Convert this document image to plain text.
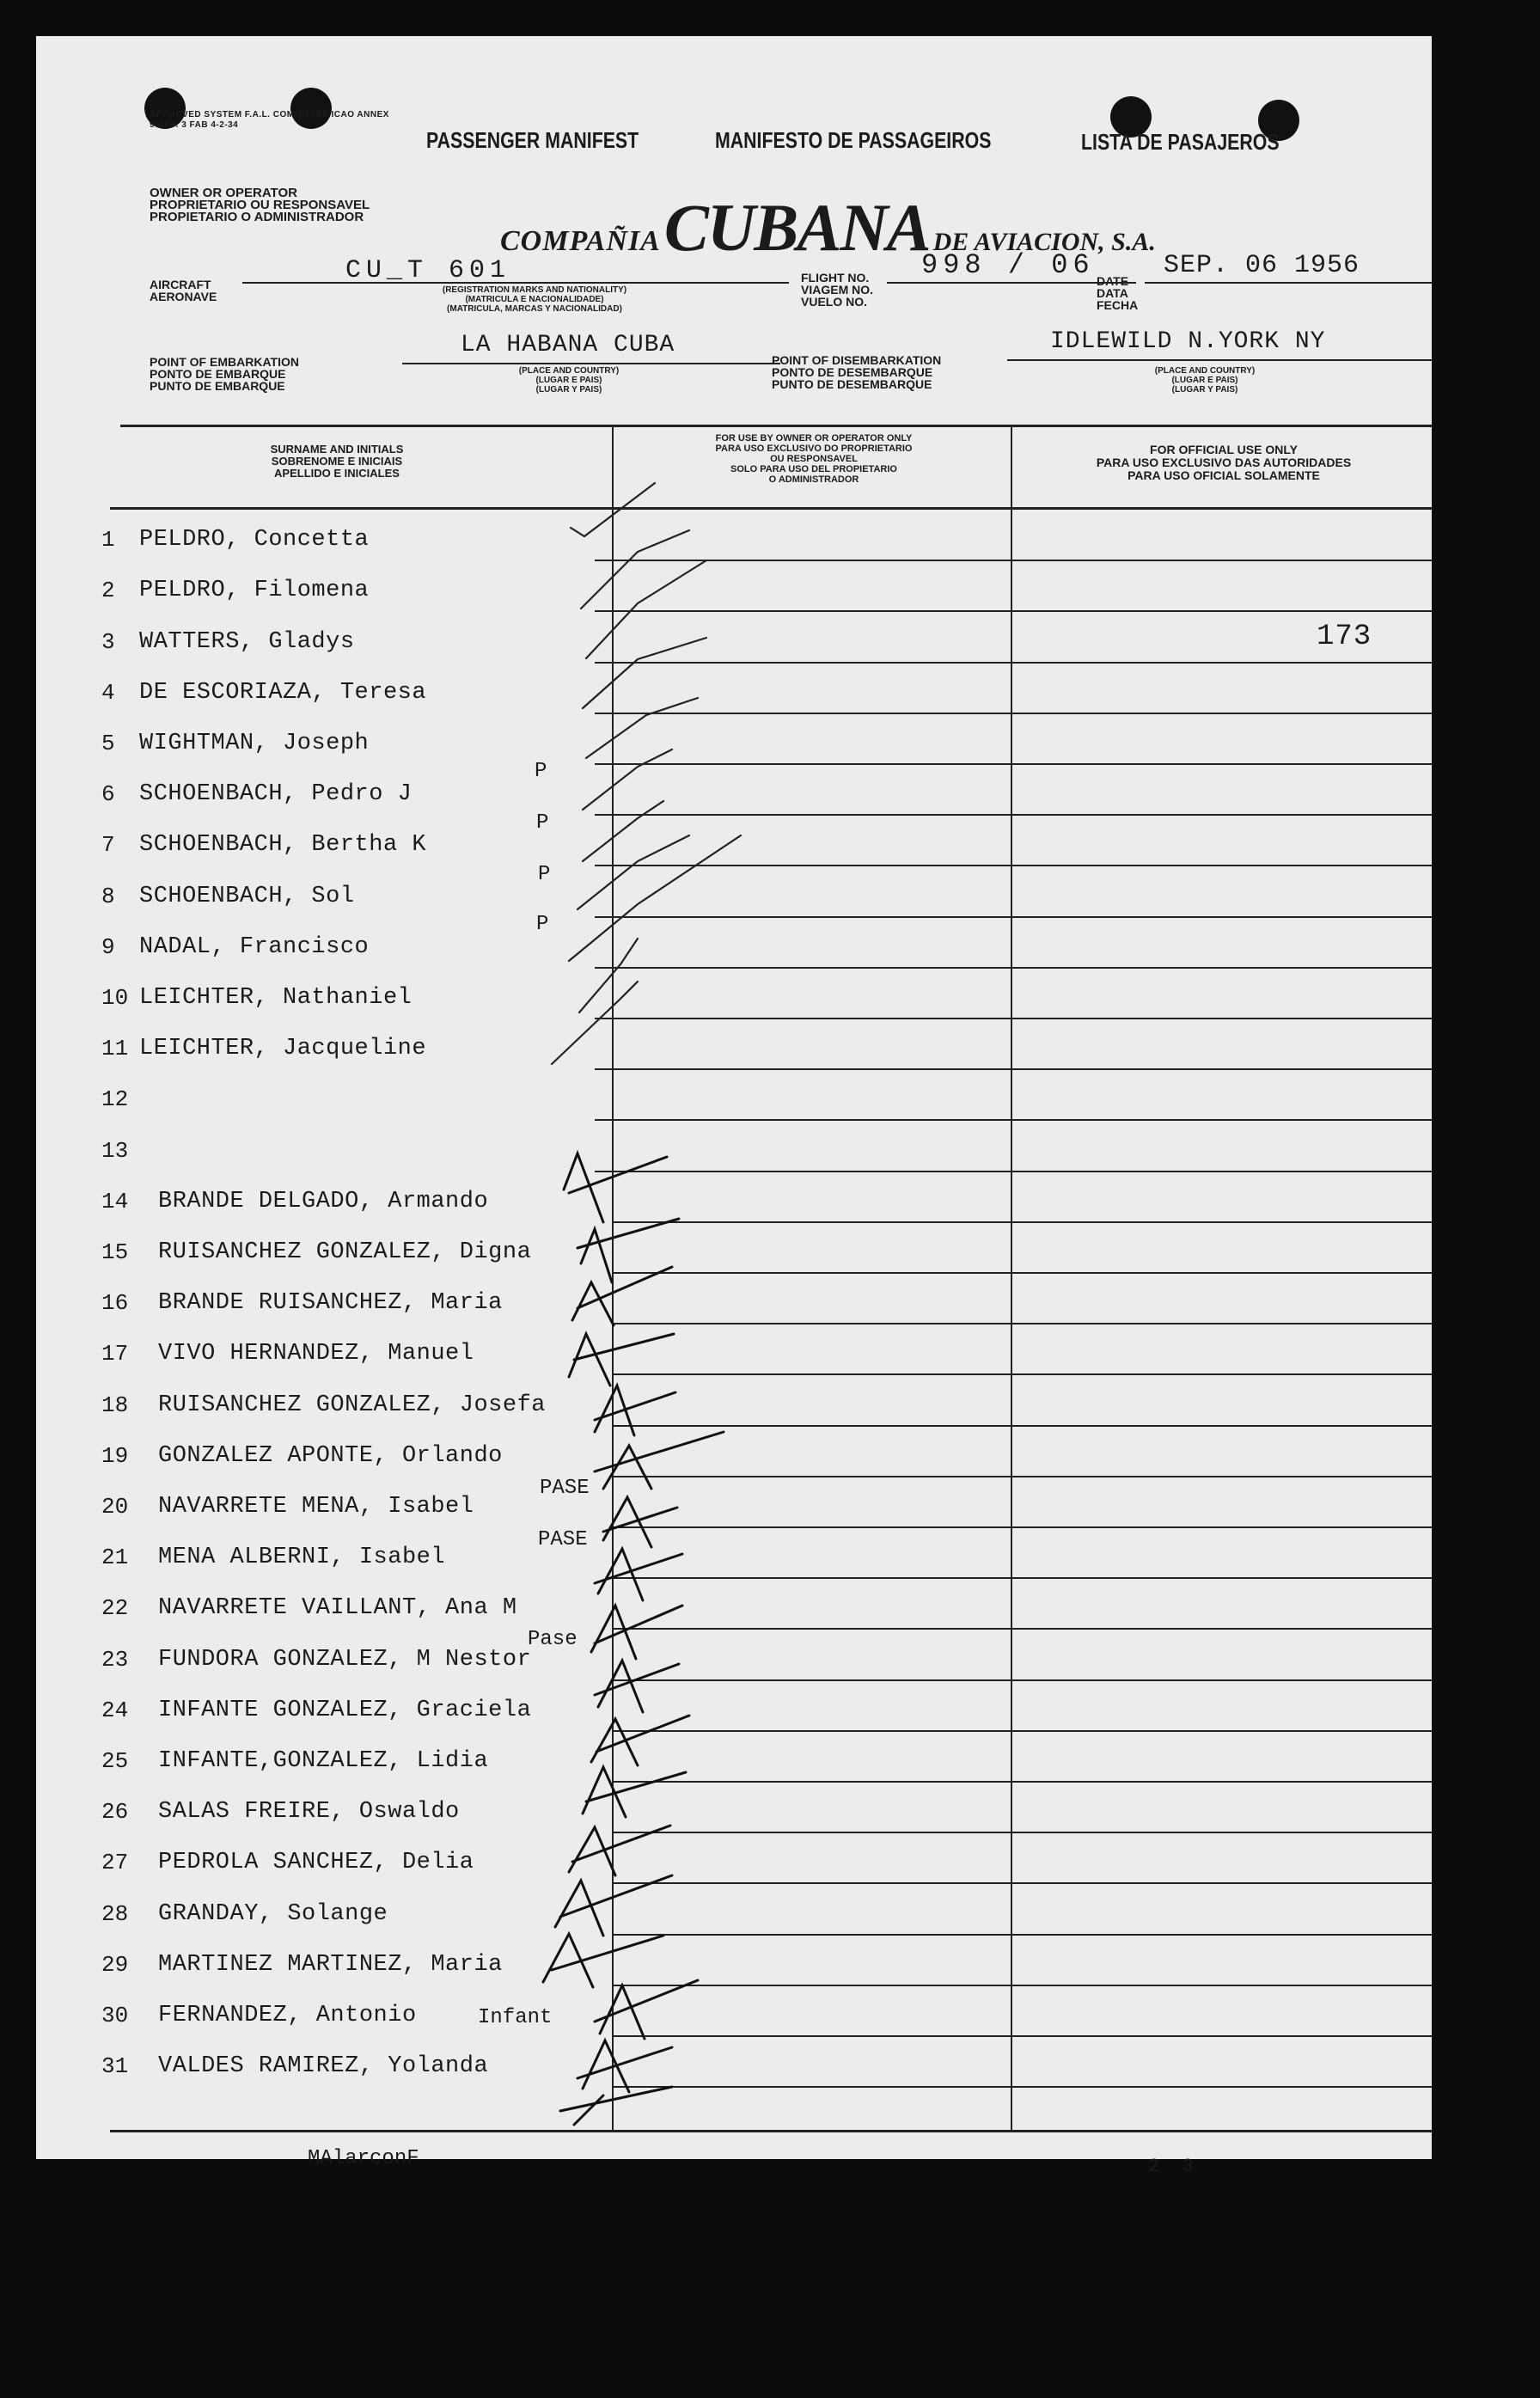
APPROVED SYSTEM F.A.L. COMMITTEE ICAO ANNEX 9-APP. 3 FAB 4-2-34
PASSENGER MANIFEST	MANIFESTO DE PASSAGEIROS	LISTA DE PASAJEROS
OWNER OR OPERATOR
PROPRIETARIO OU RESPONSAVEL
PROPIETARIO O ADMINISTRADOR
COMPAÑIA CUBANA DE AVIACION, S.A.
AIRCRAFT
AERONAVE
CU_T 601
(REGISTRATION MARKS AND NATIONALITY)
(MATRICULA E NACIONALIDADE)
(MATRICULA, MARCAS Y NACIONALIDAD)
FLIGHT NO.
VIAGEM NO.
VUELO NO.
998 / 06 DATE
DATA
FECHA
SEP. 06 1956
POINT OF EMBARKATION
PONTO DE EMBARQUE
PUNTO DE EMBARQUE
LA HABANA CUBA
(PLACE AND COUNTRY)
(LUGAR E PAIS)
(LUGAR Y PAIS)
POINT OF DISEMBARKATION
PONTO DE DESEMBARQUE
PUNTO DE DESEMBARQUE
IDLEWILD N.YORK NY
(PLACE AND COUNTRY)
(LUGAR E PAIS)
(LUGAR Y PAIS)
SURNAME AND INITIALS
SOBRENOME E INICIAIS
APELLIDO E INICIALES
FOR USE BY OWNER OR OPERATOR ONLY
PARA USO EXCLUSIVO DO PROPRIETARIO
OU RESPONSAVEL
SOLO PARA USO DEL PROPIETARIO
O ADMINISTRADOR
FOR OFFICIAL USE ONLY
PARA USO EXCLUSIVO DAS AUTORIDADES
PARA USO OFICIAL SOLAMENTE
173
1 PELDRO, Concetta
2 PELDRO, Filomena
3 WATTERS, Gladys
4 DE ESCORIAZA, Teresa
5 WIGHTMAN, Joseph
6 SCHOENBACH, Pedro J
7 SCHOENBACH, Bertha K
8 SCHOENBACH, Sol
9 NADAL, Francisco
10 LEICHTER, Nathaniel
11 LEICHTER, Jacqueline
12
13
14 BRANDE DELGADO, Armando
15 RUISANCHEZ GONZALEZ, Digna
16 BRANDE RUISANCHEZ, Maria
17 VIVO HERNANDEZ, Manuel
18 RUISANCHEZ GONZALEZ, Josefa
19 GONZALEZ APONTE, Orlando
20 NAVARRETE MENA, Isabel
21 MENA ALBERNI, Isabel
22 NAVARRETE VAILLANT, Ana M
23 FUNDORA GONZALEZ, M Nestor
24 INFANTE GONZALEZ, Graciela
25 INFANTE,GONZALEZ, Lidia
26 SALAS FREIRE, Oswaldo
27 PEDROLA SANCHEZ, Delia
28 GRANDAY, Solange
29 MARTINEZ MARTINEZ, Maria
30 FERNANDEZ, Antonio
31 VALDES RAMIREZ, Yolanda
P
P
P
P
PASE
PASE
Pase
Infant
MAlarconF	2  3
